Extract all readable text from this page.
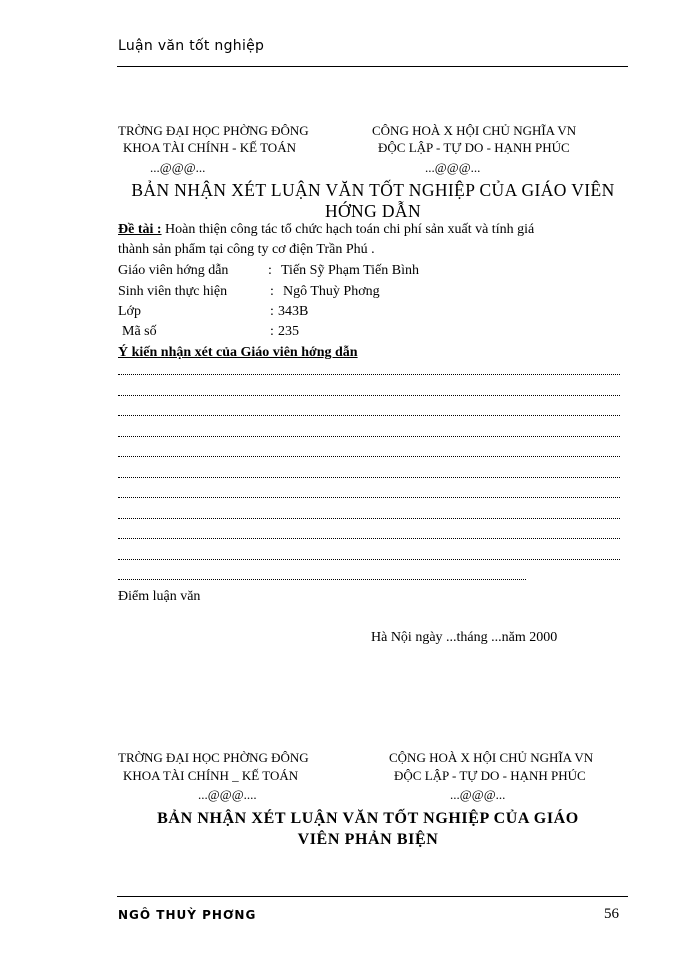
Luận văn tốt nghiệp
TRỜNG ĐẠI HỌC PHỜNG ĐÔNG
KHOA TÀI CHÍNH - KẾ TOÁN
...@@@...
CÔNG HOÀ X HỘI CHỦ NGHĨA VN
ĐỘC LẬP - TỰ DO - HẠNH PHÚC
...@@@...
BẢN NHẬN XÉT LUẬN VĂN TỐT NGHIỆP CỦA GIÁO VIÊN
HỚNG DẪN
Đề tài : Hoàn thiện công tác tổ chức hạch toán chi phí sản xuất và tính giá
thành sản phẩm tại công ty cơ điện Trần Phú .
Giáo viên hớng dẫn	: Tiến Sỹ Phạm Tiến Bình
Sinh viên thực hiện	: Ngô Thuỳ Phơng
Lớp	: 343B
Mã số	: 235
Ý kiến nhận xét của Giáo viên hớng dẫn
Điểm luận văn
Hà Nội ngày ...tháng ...năm 2000
TRỜNG ĐẠI HỌC PHỜNG ĐÔNG
KHOA TÀI CHÍNH _ KẾ TOÁN
...@@@....
CỘNG HOÀ X HỘI CHỦ NGHĨA VN
ĐỘC LẬP - TỰ DO - HẠNH PHÚC
...@@@...
BẢN NHẬN XÉT LUẬN VĂN TỐT NGHIỆP CỦA GIÁO
VIÊN PHẢN BIỆN
NGÔ THUỲ PHƠNG	56
